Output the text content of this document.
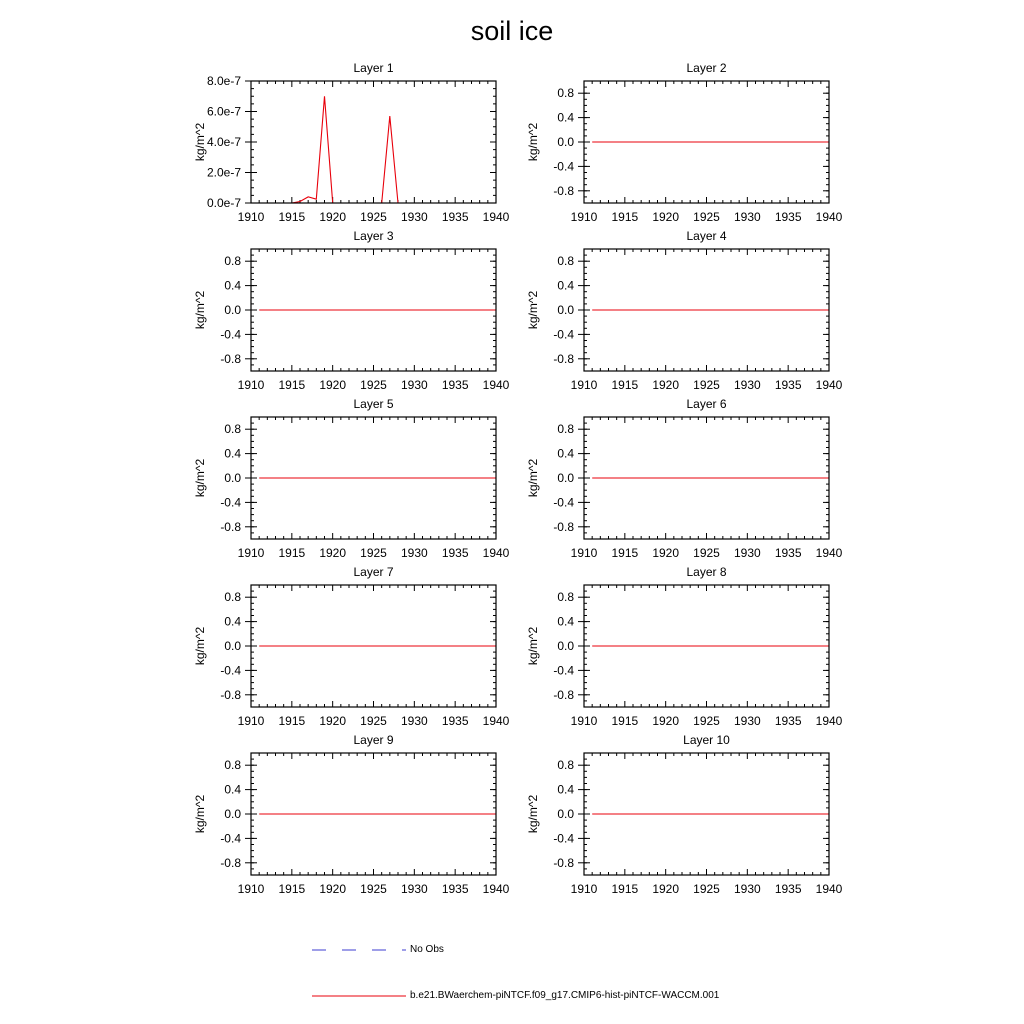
soil ice
1910 1915 1920 1925 1930 1935 1940
0.0e-7
2.0e-7
4.0e-7
6.0e-7
8.0e-7
Layer 1
kg/m^2
1910 1915 1920 1925 1930 1935 1940
-0.8
-0.4
0.0
0.4
0.8
Layer 2
kg/m^2
1910 1915 1920 1925 1930 1935 1940
-0.8
-0.4
0.0
0.4
0.8
Layer 3
kg/m^2
1910 1915 1920 1925 1930 1935 1940
-0.8
-0.4
0.0
0.4
0.8
Layer 4
kg/m^2
1910 1915 1920 1925 1930 1935 1940
-0.8
-0.4
0.0
0.4
0.8
Layer 5
kg/m^2
1910 1915 1920 1925 1930 1935 1940
-0.8
-0.4
0.0
0.4
0.8
Layer 6
kg/m^2
1910 1915 1920 1925 1930 1935 1940
-0.8
-0.4
0.0
0.4
0.8
Layer 7
kg/m^2
1910 1915 1920 1925 1930 1935 1940
-0.8
-0.4
0.0
0.4
0.8
Layer 8
kg/m^2
1910 1915 1920 1925 1930 1935 1940
-0.8
-0.4
0.0
0.4
0.8
Layer 9
kg/m^2
1910 1915 1920 1925 1930 1935 1940
-0.8
-0.4
0.0
0.4
0.8
Layer 10
kg/m^2
No Obs
b.e21.BWaerchem-piNTCF.f09_g17.CMIP6-hist-piNTCF-WACCM.001
